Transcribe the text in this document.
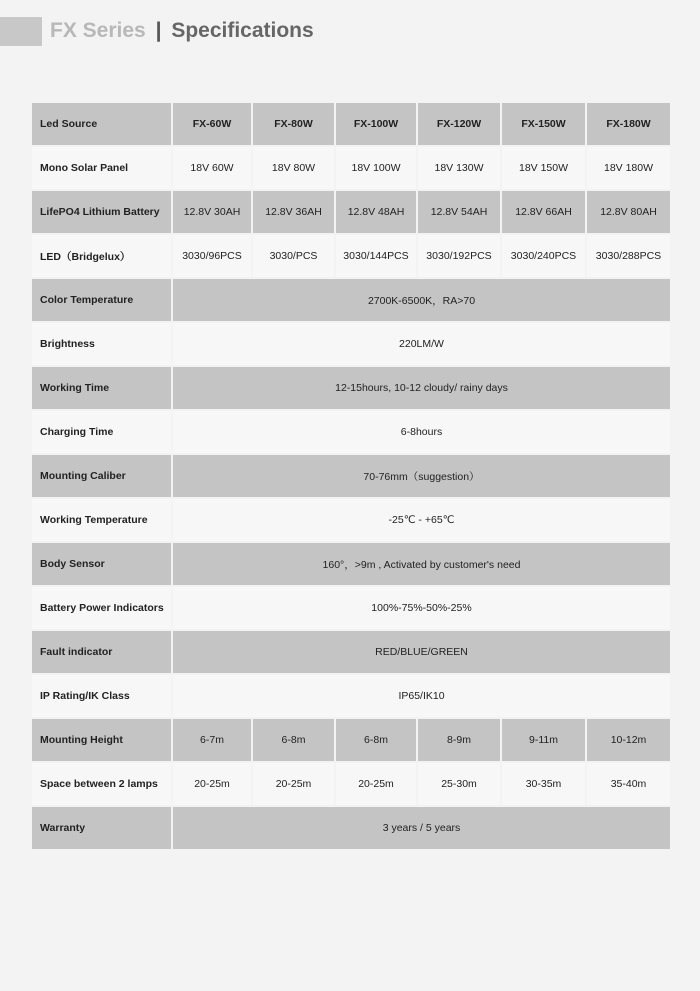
FX Series | Specifications
Led Source	FX-60W	FX-80W	FX-100W	FX-120W	FX-150W	FX-180W
Mono Solar Panel	18V 60W	18V 80W	18V 100W	18V 130W	18V 150W	18V 180W
LifePO4 Lithium Battery	12.8V 30AH	12.8V 36AH	12.8V 48AH	12.8V 54AH	12.8V 66AH	12.8V 80AH
LED（Bridgelux）	3030/96PCS	3030/PCS	3030/144PCS	3030/192PCS	3030/240PCS	3030/288PCS
Color Temperature	2700K-6500K，RA>70					
Brightness	220LM/W					
Working Time	12-15hours, 10-12 cloudy/ rainy days					
Charging Time	6-8hours					
Mounting Caliber	70-76mm（suggestion）					
Working Temperature	-25℃ - +65℃					
Body Sensor	160°，>9m , Activated by customer's need					
Battery Power Indicators	100%-75%-50%-25%					
Fault indicator	RED/BLUE/GREEN					
IP Rating/IK Class	IP65/IK10					
Mounting Height	6-7m	6-8m	6-8m	8-9m	9-11m	10-12m
Space between 2 lamps	20-25m	20-25m	20-25m	25-30m	30-35m	35-40m
Warranty	3 years / 5 years					
